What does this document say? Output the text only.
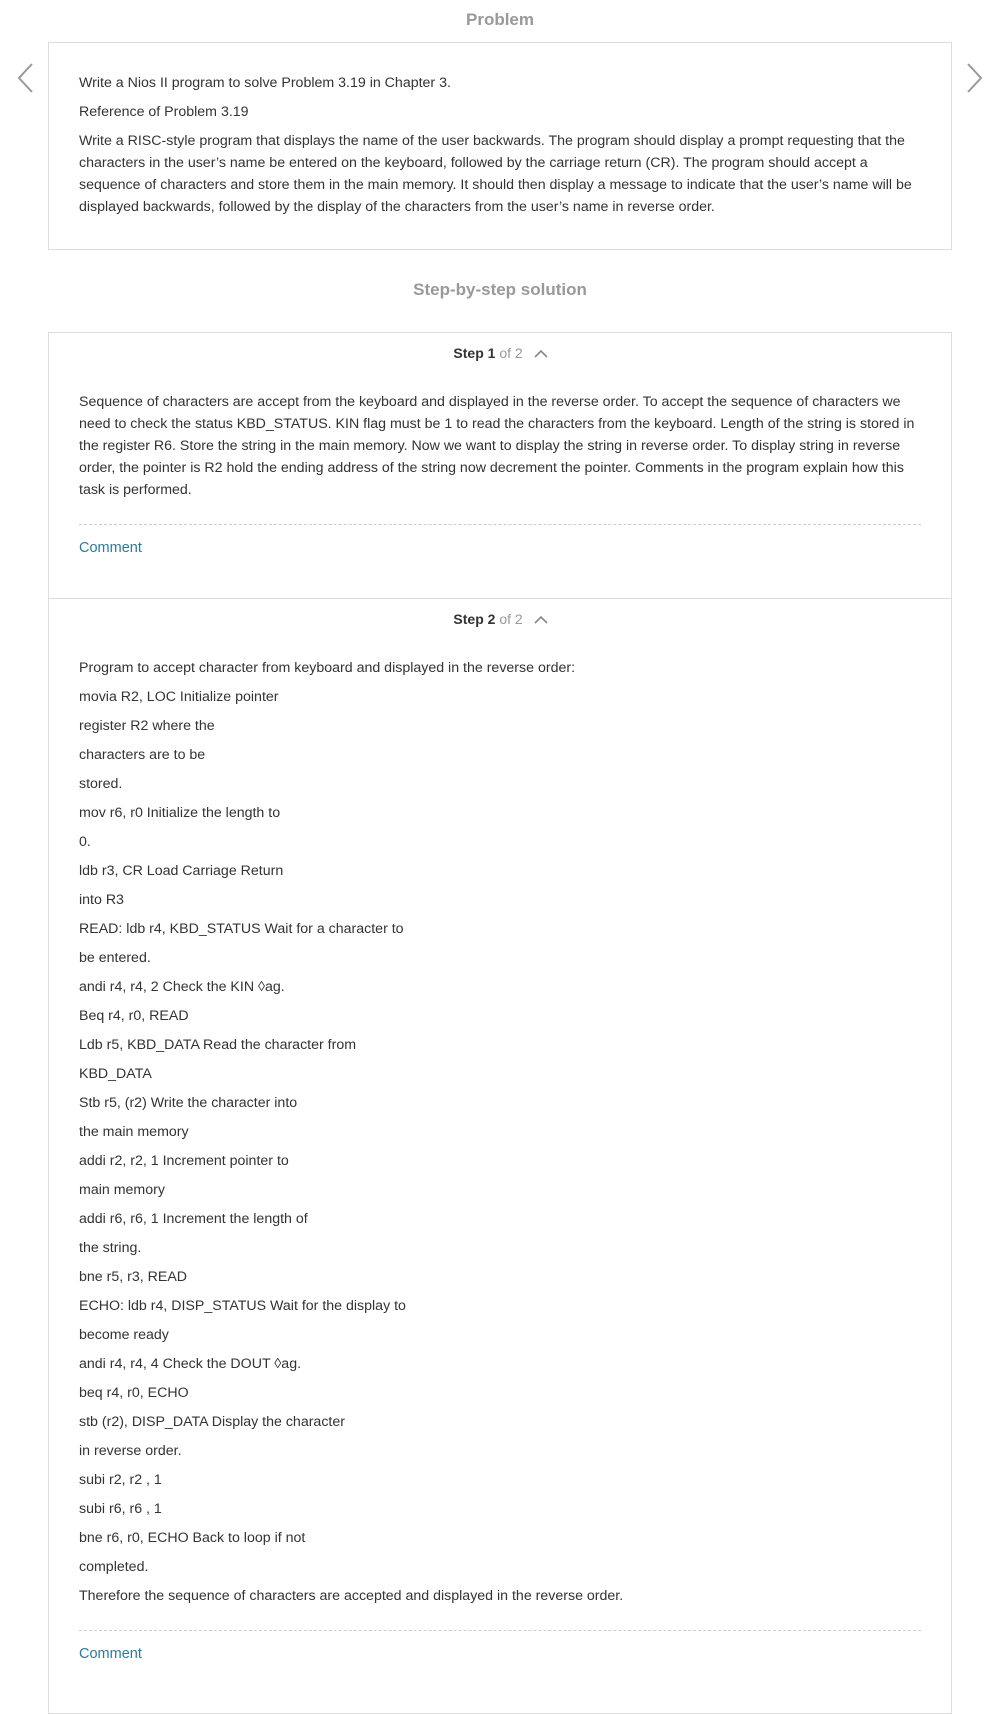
Problem

Write a Nios II program to solve Problem 3.19 in Chapter 3.

Reference of Problem 3.19

Write a RISC-style program that displays the name of the user backwards. The program should display a prompt requesting that the characters in the user’s name be entered on the keyboard, followed by the carriage return (CR). The program should accept a sequence of characters and store them in the main memory. It should then display a message to indicate that the user’s name will be displayed backwards, followed by the display of the characters from the user’s name in reverse order.

Step-by-step solution
Step 1 of 2
Sequence of characters are accept from the keyboard and displayed in the reverse order. To accept the sequence of characters we need to check the status KBD_STATUS. KIN flag must be 1 to read the characters from the keyboard. Length of the string is stored in the register R6. Store the string in the main memory. Now we want to display the string in reverse order. To display string in reverse order, the pointer is R2 hold the ending address of the string now decrement the pointer. Comments in the program explain how this task is performed.
Comment
Step 2 of 2
Program to accept character from keyboard and displayed in the reverse order:
movia R2, LOC Initialize pointer
register R2 where the
characters are to be
stored.
mov r6, r0 Initialize the length to
0.
ldb r3, CR Load Carriage Return
into R3
READ: ldb r4, KBD_STATUS Wait for a character to
be entered.
andi r4, r4, 2 Check the KIN ◊ag.
Beq r4, r0, READ
Ldb r5, KBD_DATA Read the character from
KBD_DATA
Stb r5, (r2) Write the character into
the main memory
addi r2, r2, 1 Increment pointer to
main memory
addi r6, r6, 1 Increment the length of
the string.
bne r5, r3, READ
ECHO: ldb r4, DISP_STATUS Wait for the display to
become ready
andi r4, r4, 4 Check the DOUT ◊ag.
beq r4, r0, ECHO
stb (r2), DISP_DATA Display the character
in reverse order.
subi r2, r2 , 1
subi r6, r6 , 1
bne r6, r0, ECHO Back to loop if not
completed.
Therefore the sequence of characters are accepted and displayed in the reverse order.
Comment
